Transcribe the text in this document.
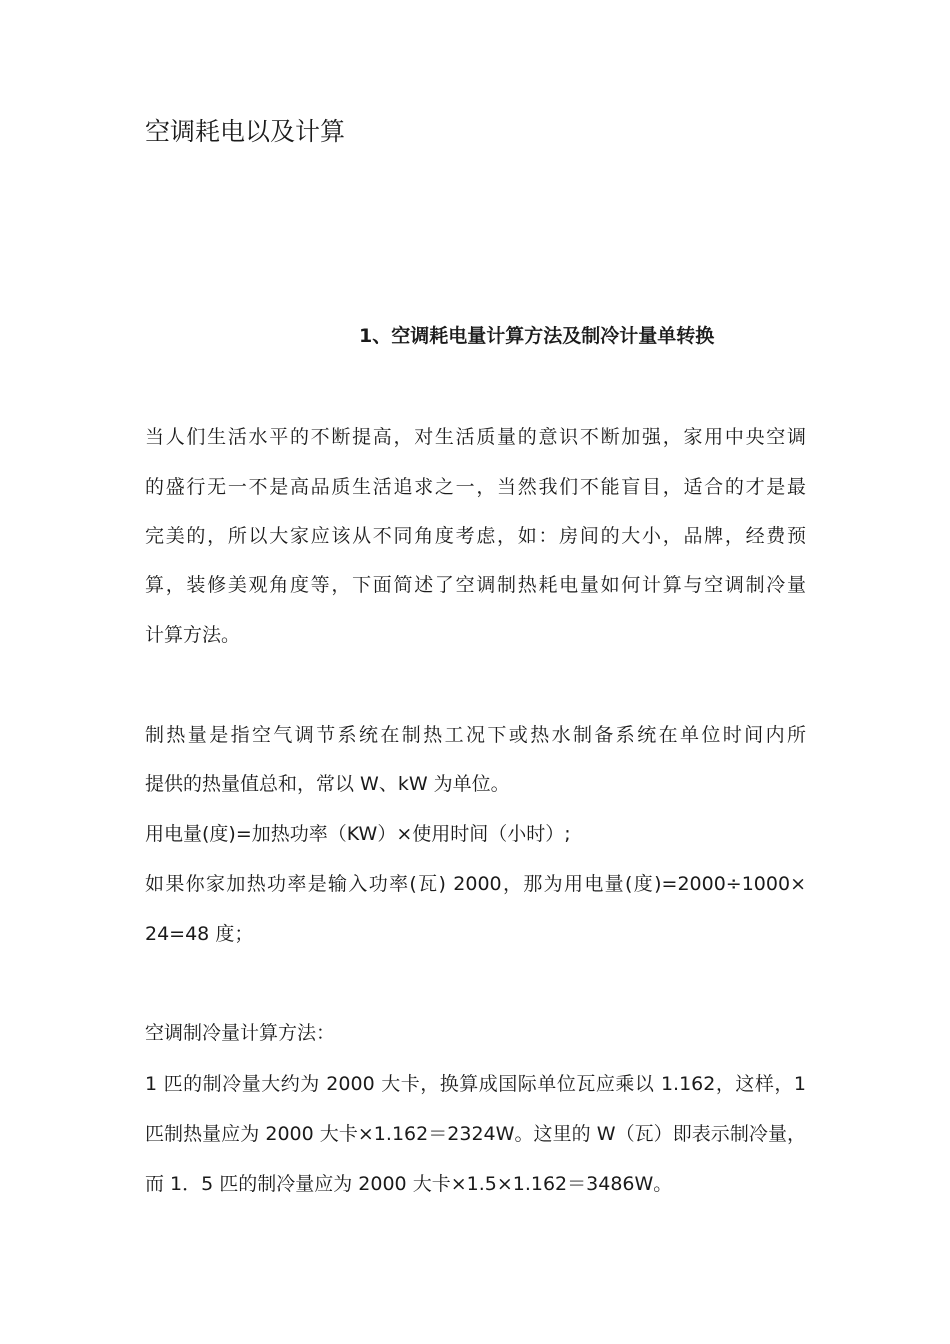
空调耗电以及计算
1、空调耗电量计算方法及制冷计量单转换

当人们生活水平的不断提高，对生活质量的意识不断加强，家用中央空调

的盛行无一不是高品质生活追求之一，当然我们不能盲目，适合的才是最

完美的，所以大家应该从不同角度考虑，如：房间的大小，品牌，经费预

算，装修美观角度等，下面简述了空调制热耗电量如何计算与空调制冷量

计算方法。

制热量是指空气调节系统在制热工况下或热水制备系统在单位时间内所

提供的热量值总和，常以 W、kW 为单位。

用电量(度)=加热功率（KW）×使用时间（小时）;

如果你家加热功率是输入功率(瓦) 2000，那为用电量(度)=2000÷1000×

24=48 度；

空调制冷量计算方法：

1 匹的制冷量大约为 2000 大卡，换算成国际单位瓦应乘以 1.162，这样，1

匹制热量应为 2000 大卡×1.162＝2324W。这里的 W（瓦）即表示制冷量，

而 1．5 匹的制冷量应为 2000 大卡×1.5×1.162＝3486W。
